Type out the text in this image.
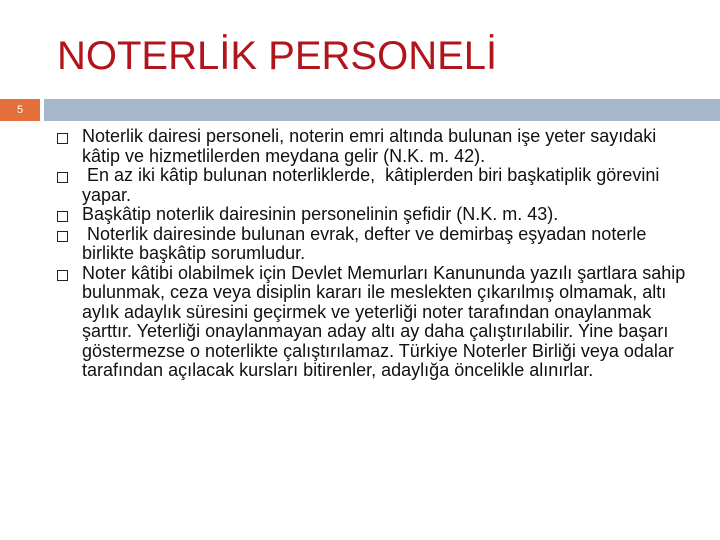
NOTERLİK PERSONELİ
5
Noterlik dairesi personeli, noterin emri altında bulunan işe yeter sayıdaki kâtip ve hizmetlilerden meydana gelir (N.K. m. 42).
En az iki kâtip bulunan noterliklerde,  kâtiplerden biri başkatiplik görevini yapar.
Başkâtip noterlik dairesinin personelinin şefidir (N.K. m. 43).
Noterlik dairesinde bulunan evrak, defter ve demirbaş eşyadan noterle birlikte başkâtip sorumludur.
Noter kâtibi olabilmek için Devlet Memurları Kanununda yazılı şartlara sahip bulunmak, ceza veya disiplin kararı ile meslekten çıkarılmış olmamak, altı aylık adaylık süresini geçirmek ve yeterliği noter tarafından onaylanmak şarttır. Yeterliği onaylanmayan aday altı ay daha çalıştırılabilir. Yine başarı göstermezse o noterlikte çalıştırılamaz. Türkiye Noterler Birliği veya odalar tarafından açılacak kursları bitirenler, adaylığa öncelikle alınırlar.
